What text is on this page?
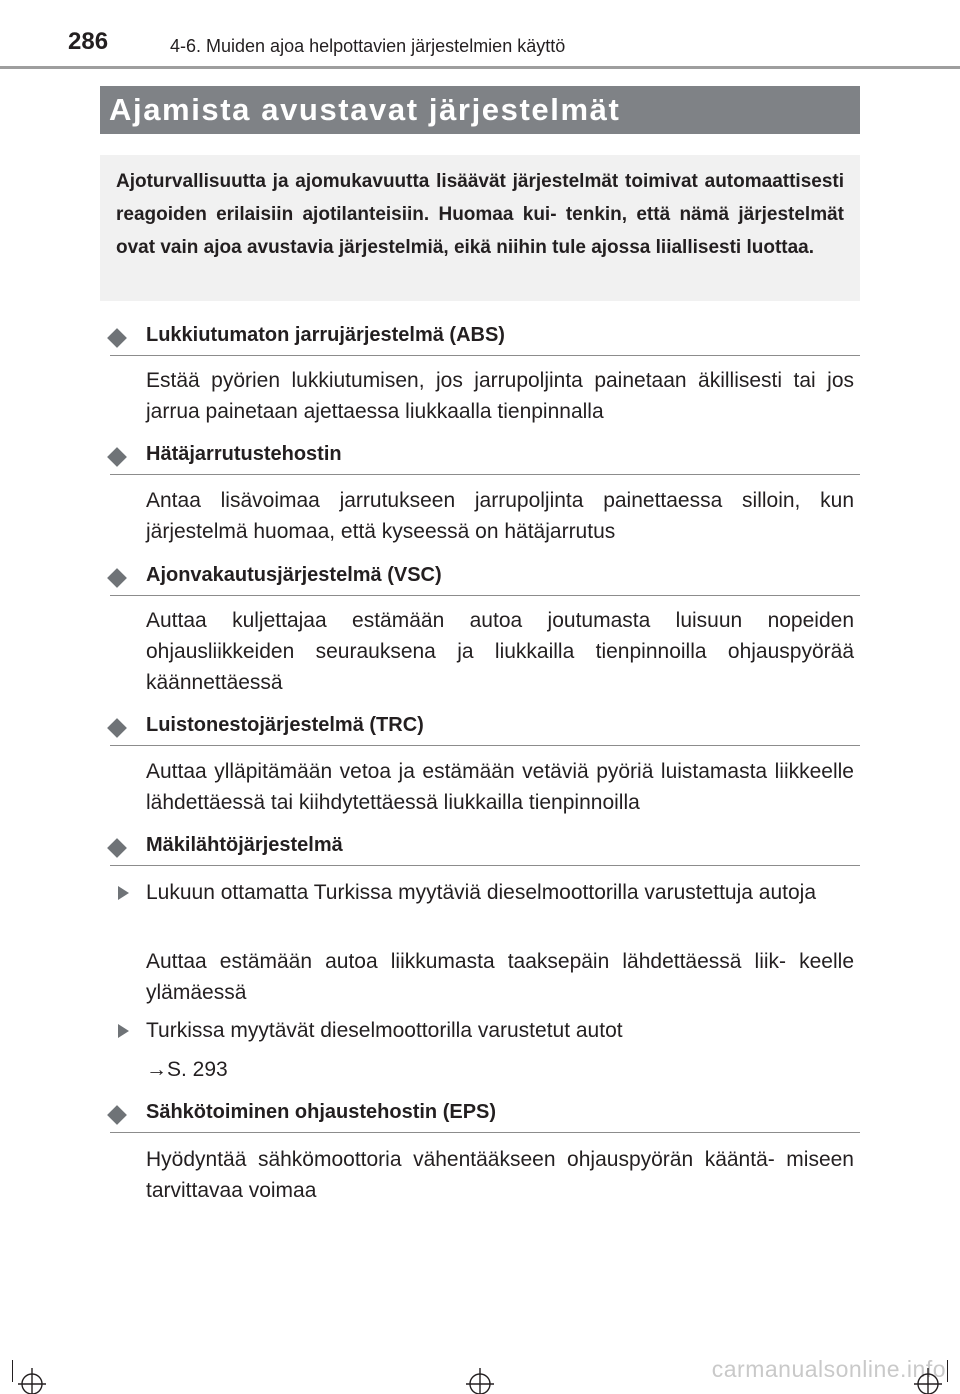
286	4-6. Muiden ajoa helpottavien järjestelmien käyttö
Ajamista avustavat järjestelmät
Ajoturvallisuutta ja ajomukavuutta lisäävät järjestelmät toimivat automaattisesti reagoiden erilaisiin ajotilanteisiin. Huomaa kui- tenkin, että nämä järjestelmät ovat vain ajoa avustavia järjestelmiä, eikä niihin tule ajossa liiallisesti luottaa.
Lukkiutumaton jarrujärjestelmä (ABS)
Estää pyörien lukkiutumisen, jos jarrupoljinta painetaan äkillisesti tai jos jarrua painetaan ajettaessa liukkaalla tienpinnalla
Hätäjarrutustehostin
Antaa lisävoimaa jarrutukseen jarrupoljinta painettaessa silloin, kun järjestelmä huomaa, että kyseessä on hätäjarrutus
Ajonvakautusjärjestelmä (VSC)
Auttaa kuljettajaa estämään autoa joutumasta luisuun nopeiden ohjausliikkeiden seurauksena ja liukkailla tienpinnoilla ohjauspyörää käännettäessä
Luistonestojärjestelmä (TRC)
Auttaa ylläpitämään vetoa ja estämään vetäviä pyöriä luistamasta liikkeelle lähdettäessä tai kiihdytettäessä liukkailla tienpinnoilla
Mäkilähtöjärjestelmä
Lukuun ottamatta Turkissa myytäviä dieselmoottorilla varustettuja autoja
Auttaa estämään autoa liikkumasta taaksepäin lähdettäessä liik- keelle ylämäessä
Turkissa myytävät dieselmoottorilla varustetut autot
→S. 293
Sähkötoiminen ohjaustehostin (EPS)
Hyödyntää sähkömoottoria vähentääkseen ohjauspyörän kääntä- miseen tarvittavaa voimaa
carmanualsonline.info
